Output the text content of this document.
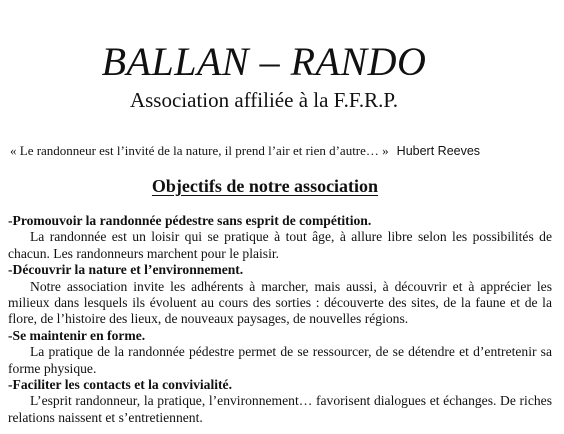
BALLAN – RANDO
Association affiliée à la F.F.R.P.
« Le randonneur est l’invité de la nature, il prend l’air et rien d’autre… » Hubert Reeves
Objectifs de notre association

-Promouvoir la randonnée pédestre sans esprit de compétition.

La randonnée est un loisir qui se pratique à tout âge, à allure libre selon les possibilités de chacun. Les randonneurs marchent pour le plaisir.

-Découvrir la nature et l’environnement.

Notre association invite les adhérents à marcher, mais aussi, à découvrir et à apprécier les milieux dans lesquels ils évoluent au cours des sorties : découverte des sites, de la faune et de la flore, de l’histoire des lieux, de nouveaux paysages, de nouvelles régions.

-Se maintenir en forme.

La pratique de la randonnée pédestre permet de se ressourcer, de se détendre et d’entretenir sa forme physique.

-Faciliter les contacts et la convivialité.

L’esprit randonneur, la pratique, l’environnement… favorisent dialogues et échanges. De riches relations naissent et s’entretiennent.
